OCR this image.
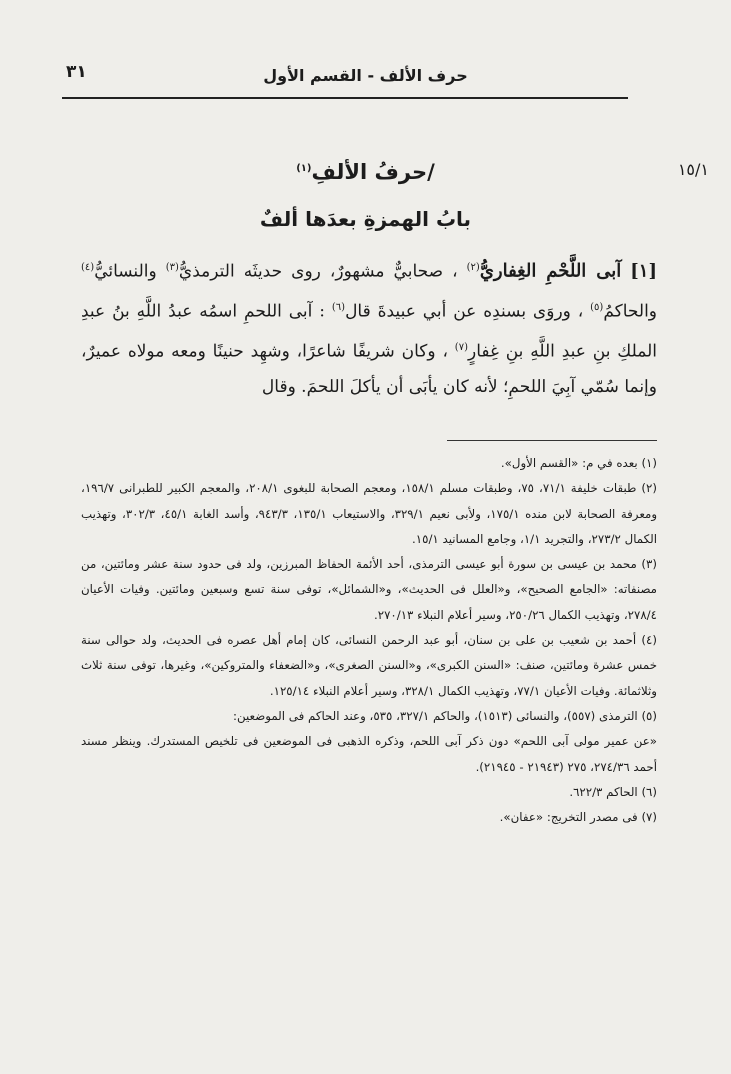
حرف الألف - القسم الأول
٣١
١٥/١
/حرفُ الألفِ$^{(١)}$
بابُ الهمزةِ بعدَها ألفٌ
[١] آبى اللَّحْمِ الغِفاريُّ$^{(٢)}$ ، صحابيٌّ مشهورٌ، روى حديثَه الترمذيُّ$^{(٣)}$ والنسائيُّ$^{(٤)}$ والحاكمُ$^{(٥)}$ ، وروَى بسندِه عن أبي عبيدةَ قال$^{(٦)}$ : آبى اللحمِ اسمُه عبدُ اللَّهِ بنُ عبدِ الملكِ بنِ عبدِ اللَّهِ بنِ غِفارٍ$^{(٧)}$ ، وكان شريفًا شاعرًا، وشهِد حنينًا ومعه مولاه عميرٌ، وإنما سُمّي آبِيَ اللحمِ؛ لأنه كان يأبَى أن يأكلَ اللحمَ. وقال

(١) بعده في م: «القسم الأول».

(٢) طبقات خليفة ٧١/١، ٧٥، وطبقات مسلم ١٥٨/١، ومعجم الصحابة للبغوى ٢٠٨/١، والمعجم الكبير للطبرانى ١٩٦/٧، ومعرفة الصحابة لابن منده ١٧٥/١، ولأبى نعيم ٣٢٩/١، والاستيعاب ١٣٥/١، ٩٤٣/٣، وأسد الغابة ٤٥/١، ٣٠٢/٣، وتهذيب الكمال ٢٧٣/٢، والتجريد ١/١، وجامع المسانيد ١٥/١.

(٣) محمد بن عيسى بن سورة أبو عيسى الترمذى، أحد الأئمة الحفاظ المبرزين، ولد فى حدود سنة عشر ومائتين، من مصنفاته: «الجامع الصحيح»، و«العلل فى الحديث»، و«الشمائل»، توفى سنة تسع وسبعين ومائتين. وفيات الأعيان ٢٧٨/٤، وتهذيب الكمال ٢٥٠/٢٦، وسير أعلام النبلاء ٢٧٠/١٣.

(٤) أحمد بن شعيب بن على بن سنان، أبو عبد الرحمن النسائى، كان إمام أهل عصره فى الحديث، ولد حوالى سنة خمس عشرة ومائتين، صنف: «السنن الكبرى»، و«السنن الصغرى»، و«الضعفاء والمتروكين»، وغيرها، توفى سنة ثلاث وثلاثمائة. وفيات الأعيان ٧٧/١، وتهذيب الكمال ٣٢٨/١، وسير أعلام النبلاء ١٢٥/١٤.

(٥) الترمذى (٥٥٧)، والنسائى (١٥١٣)، والحاكم ٣٢٧/١، ٥٣٥، وعند الحاكم فى الموضعين:

«عن عمير مولى آبى اللحم» دون ذكر آبى اللحم، وذكره الذهبى فى الموضعين فى تلخيص المستدرك. وينظر مسند أحمد ٢٧٤/٣٦، ٢٧٥ (٢١٩٤٣ - ٢١٩٤٥).

(٦) الحاكم ٦٢٢/٣.

(٧) فى مصدر التخريج: «عفان».
